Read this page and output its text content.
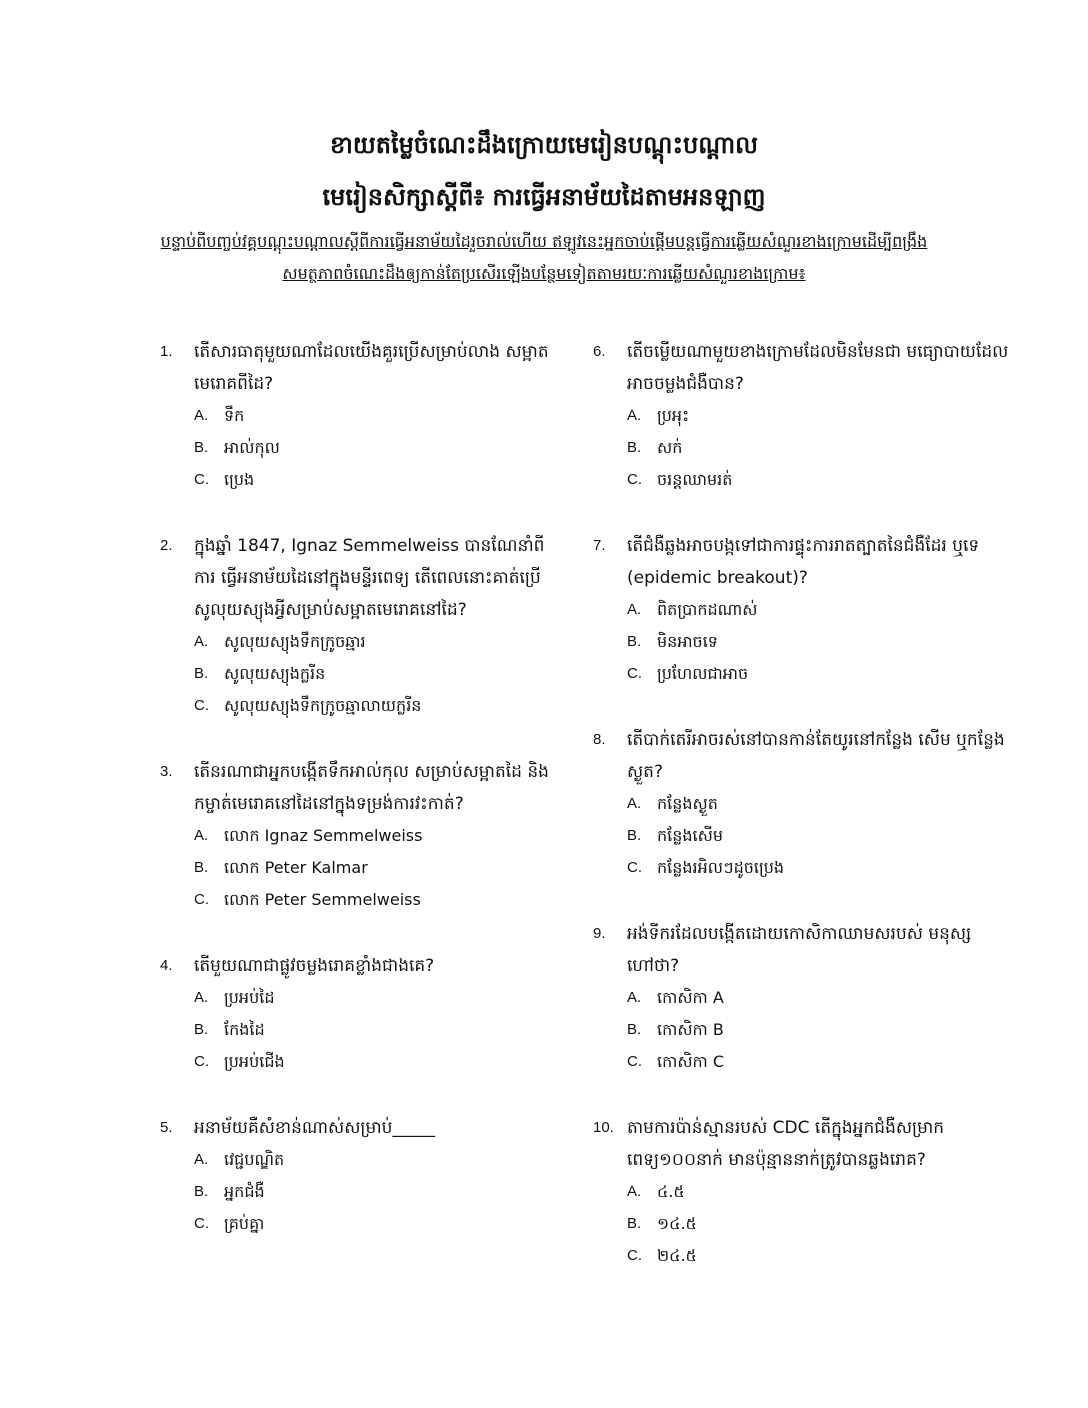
ខាយតម្លៃចំណេះដឹងក្រោយមេរៀនបណ្តុះបណ្តាល
មេរៀនសិក្សាស្តីពី៖ ការធ្វើអនាម័យដៃតាមអនឡាញ
បន្ទាប់ពីបញ្ចប់វគ្គបណ្តុះបណ្តាលស្តីពីការធ្វើអនាម័យដៃរួចរាល់ហើយ ឥឡូវនេះអ្នកចាប់ផ្តើមបន្តធ្វើការឆ្លើយសំណួរខាងក្រោមដើម្បីពង្រឹង
សមត្ថភាពចំណេះដឹងឲ្យកាន់តែប្រសើរឡើងបន្ថែមទៀតតាមរយៈការឆ្លើយសំណួរខាងក្រោម៖
1. តើសារធាតុមួយណាដែលយើងគួរប្រើសម្រាប់លាង សម្អាតមេរោគពីដៃ?
A. ទឹក
B. អាល់កុល
C. ប្រេង
2. ក្នុងឆ្នាំ 1847, Ignaz Semmelweiss បានណែនាំពីការ ធ្វើអនាម័យដៃនៅក្នុងមន្ទីរពេទ្យ តើពេលនោះគាត់ប្រើ សូលុយស្យុងអ្វីសម្រាប់សម្អាតមេរោគនៅដៃ?
A. សូលុយស្យុងទឹកក្រូចឆ្មារ
B. សូលុយស្យុងក្លរីន
C. សូលុយស្យុងទឹកក្រូចឆ្មាលាយក្លរីន
3. តើនរណាជាអ្នកបង្កើតទឹកអាល់កុល សម្រាប់សម្អាតដៃ និងកម្ចាត់មេរោគនៅដៃនៅក្នុងទម្រង់ការវះកាត់?
A. លោក Ignaz Semmelweiss
B. លោក Peter Kalmar
C. លោក Peter Semmelweiss
4. តើមួយណាជាផ្លូវចម្លងរោគខ្លាំងជាងគេ?
A. ប្រអប់ដៃ
B. កែងដៃ
C. ប្រអប់ជើង
5. អនាម័យគឺសំខាន់ណាស់សម្រាប់_____
A. វេជ្ជបណ្ឌិត
B. អ្នកជំងឺ
C. គ្រប់គ្នា
6. តើចម្លើយណាមួយខាងក្រោមដែលមិនមែនជា មធ្យោបាយដែលអាចចម្លងជំងឺបាន?
A. ប្រអុះ
B. សក់
C. ចរន្តឈាមរត់
7. តើជំងឺឆ្លងអាចបង្កទៅជាការផ្ទុះការរាតត្បាតនៃជំងឺដែរ ឬទេ (epidemic breakout)?
A. ពិតប្រាកដណាស់
B. មិនអាចទេ
C. ប្រហែលជាអាច
8. តើបាក់តេរីអាចរស់នៅបានកាន់តែយូរនៅកន្លែង សើម ឬកន្លែង ស្ងួត?
A. កន្លែងស្ងួត
B. កន្លែងសើម
C. កន្លែងរអិលៗដូចប្រេង
9. អង់ទីករដែលបង្កើតដោយកោសិកាឈាមសរបស់ មនុស្សហៅថា?
A. កោសិកា A
B. កោសិកា B
C. កោសិកា C
10. តាមការប៉ាន់ស្មានរបស់ CDC តើក្នុងអ្នកជំងឺសម្រាក ពេទ្យ១០០នាក់ មានប៉ុន្មាននាក់ត្រូវបានឆ្លងរោគ?
A. ៤.៥
B. ១៤.៥
C. ២៤.៥
